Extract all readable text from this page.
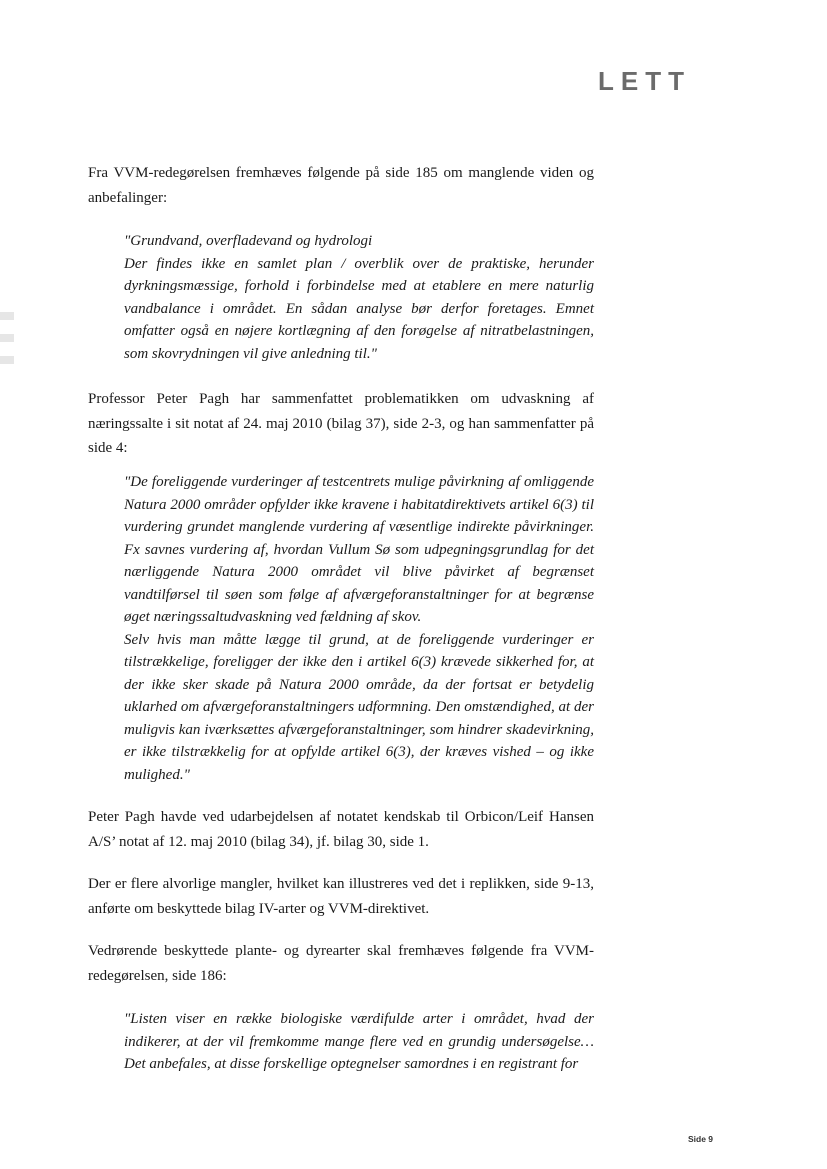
LETT

Fra VVM-redegørelsen fremhæves følgende på side 185 om manglende viden og anbefalinger:

"Grundvand, overfladevand og hydrologi
Der findes ikke en samlet plan / overblik over de praktiske, herunder dyrkningsmæssige, forhold i forbindelse med at etablere en mere naturlig vandbalance i området. En sådan analyse bør derfor foretages. Emnet omfatter også en nøjere kortlægning af den forøgelse af nitratbelastningen, som skovrydningen vil give anledning til."

Professor Peter Pagh har sammenfattet problematikken om udvaskning af næringssalte i sit notat af 24. maj 2010 (bilag 37), side 2-3, og han sammenfatter på side 4:

"De foreliggende vurderinger af testcentrets mulige påvirkning af omliggende Natura 2000 områder opfylder ikke kravene i habitatdirektivets artikel 6(3) til vurdering grundet manglende vurdering af væsentlige indirekte påvirkninger. Fx savnes vurdering af, hvordan Vullum Sø som udpegningsgrundlag for det nærliggende Natura 2000 området vil blive påvirket af begrænset vandtilførsel til søen som følge af afværgeforanstaltninger for at begrænse øget næringssaltudvaskning ved fældning af skov.
Selv hvis man måtte lægge til grund, at de foreliggende vurderinger er tilstrækkelige, foreligger der ikke den i artikel 6(3) krævede sikkerhed for, at der ikke sker skade på Natura 2000 område, da der fortsat er betydelig uklarhed om afværgeforanstaltningers udformning. Den omstændighed, at der muligvis kan iværksættes afværgeforanstaltninger, som hindrer skadevirkning, er ikke tilstrækkelig for at opfylde artikel 6(3), der kræves vished – og ikke mulighed."

Peter Pagh havde ved udarbejdelsen af notatet kendskab til Orbicon/Leif Hansen A/S’ notat af 12. maj 2010 (bilag 34), jf. bilag 30, side 1.

Der er flere alvorlige mangler, hvilket kan illustreres ved det i replikken, side 9-13, anførte om beskyttede bilag IV-arter og VVM-direktivet.

Vedrørende beskyttede plante- og dyrearter skal fremhæves følgende fra VVM-redegørelsen, side 186:

"Listen viser en række biologiske værdifulde arter i området, hvad der indikerer, at der vil fremkomme mange flere ved en grundig undersøgelse… Det anbefales, at disse forskellige optegnelser samordnes i en registrant for
Side 9
